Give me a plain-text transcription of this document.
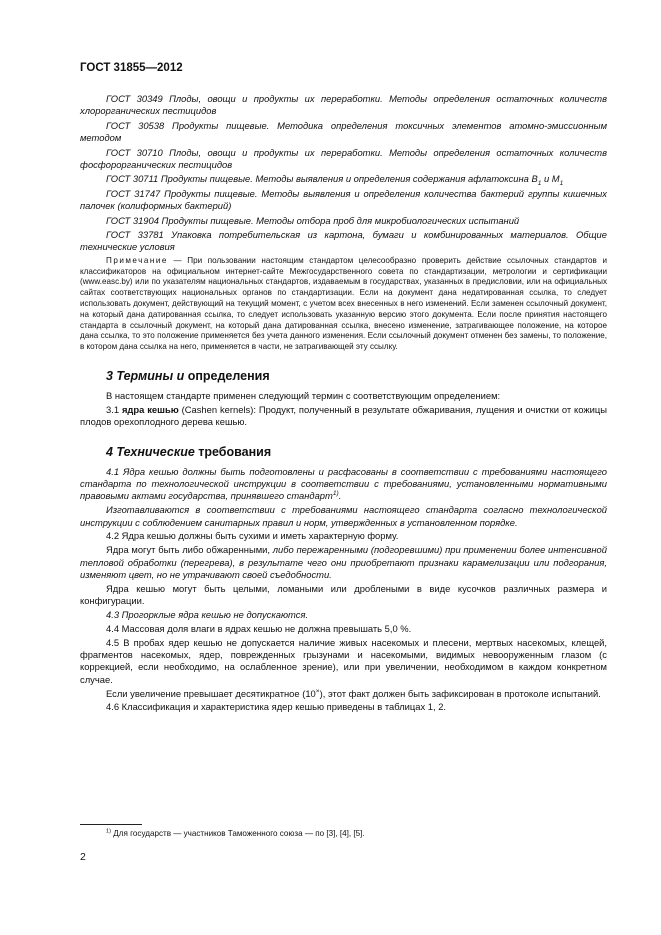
ГОСТ 31855—2012

ГОСТ 30349 Плоды, овощи и продукты их переработки. Методы определения остаточных количеств хлорорганических пестицидов

ГОСТ 30538 Продукты пищевые. Методика определения токсичных элементов атомно-эмиссионным методом

ГОСТ 30710 Плоды, овощи и продукты их переработки. Методы определения остаточных количеств фосфорорганических пестицидов

ГОСТ 30711 Продукты пищевые. Методы выявления и определения содержания афлатоксина $B_1$ и $M_1$

ГОСТ 31747 Продукты пищевые. Методы выявления и определения количества бактерий группы кишечных палочек (колиформных бактерий)

ГОСТ 31904 Продукты пищевые. Методы отбора проб для микробиологических испытаний

ГОСТ 33781 Упаковка потребительская из картона, бумаги и комбинированных материалов. Общие технические условия

Примечание — При пользовании настоящим стандартом целесообразно проверить действие ссылочных стандартов и классификаторов на официальном интернет-сайте Межгосударственного совета по стандартизации, метрологии и сертификации (www.easc.by) или по указателям национальных стандартов, издаваемым в государствах, указанных в предисловии, или на официальных сайтах соответствующих национальных органов по стандартизации. Если на документ дана недатированная ссылка, то следует использовать документ, действующий на текущий момент, с учетом всех внесенных в него изменений. Если заменен ссылочный документ, на который дана датированная ссылка, то следует использовать указанную версию этого документа. Если после принятия настоящего стандарта в ссылочный документ, на который дана датированная ссылка, внесено изменение, затрагивающее положение, на которое дана ссылка, то это положение применяется без учета данного изменения. Если ссылочный документ отменен без замены, то положение, в котором дана ссылка на него, применяется в части, не затрагивающей эту ссылку.

3 Термины и определения

В настоящем стандарте применен следующий термин с соответствующим определением:

3.1 ядра кешью (Cashen kernels): Продукт, полученный в результате обжаривания, лущения и очистки от кожицы плодов орехоплодного дерева кешью.

4 Технические требования

4.1 Ядра кешью должны быть подготовлены и расфасованы в соответствии с требованиями настоящего стандарта по технологической инструкции в соответствии с требованиями, установленными нормативными правовыми актами государства, принявшего стандарт$^{1)}$.

Изготавливаются в соответствии с требованиями настоящего стандарта согласно технологической инструкции с соблюдением санитарных правил и норм, утвержденных в установленном порядке.

4.2 Ядра кешью должны быть сухими и иметь характерную форму.

Ядра могут быть либо обжаренными, либо пережаренными (подгоревшими) при применении более интенсивной тепловой обработки (перегрева), в результате чего они приобретают признаки карамелизации или подгорания, изменяют цвет, но не утрачивают своей съедобности.

Ядра кешью могут быть целыми, ломаными или дроблеными в виде кусочков различных размера и конфигурации.

4.3 Прогорклые ядра кешью не допускаются.

4.4 Массовая доля влаги в ядрах кешью не должна превышать 5,0 %.

4.5 В пробах ядер кешью не допускается наличие живых насекомых и плесени, мертвых насекомых, клещей, фрагментов насекомых, ядер, поврежденных грызунами и насекомыми, видимых невооруженным глазом (с коррекцией, если необходимо, на ослабленное зрение), или при увеличении, необходимом в каждом конкретном случае.

Если увеличение превышает десятикратное (10×), этот факт должен быть зафиксирован в протоколе испытаний.

4.6 Классификация и характеристика ядер кешью приведены в таблицах 1, 2.

$^{1)}$ Для государств — участников Таможенного союза — по [3], [4], [5].
2
